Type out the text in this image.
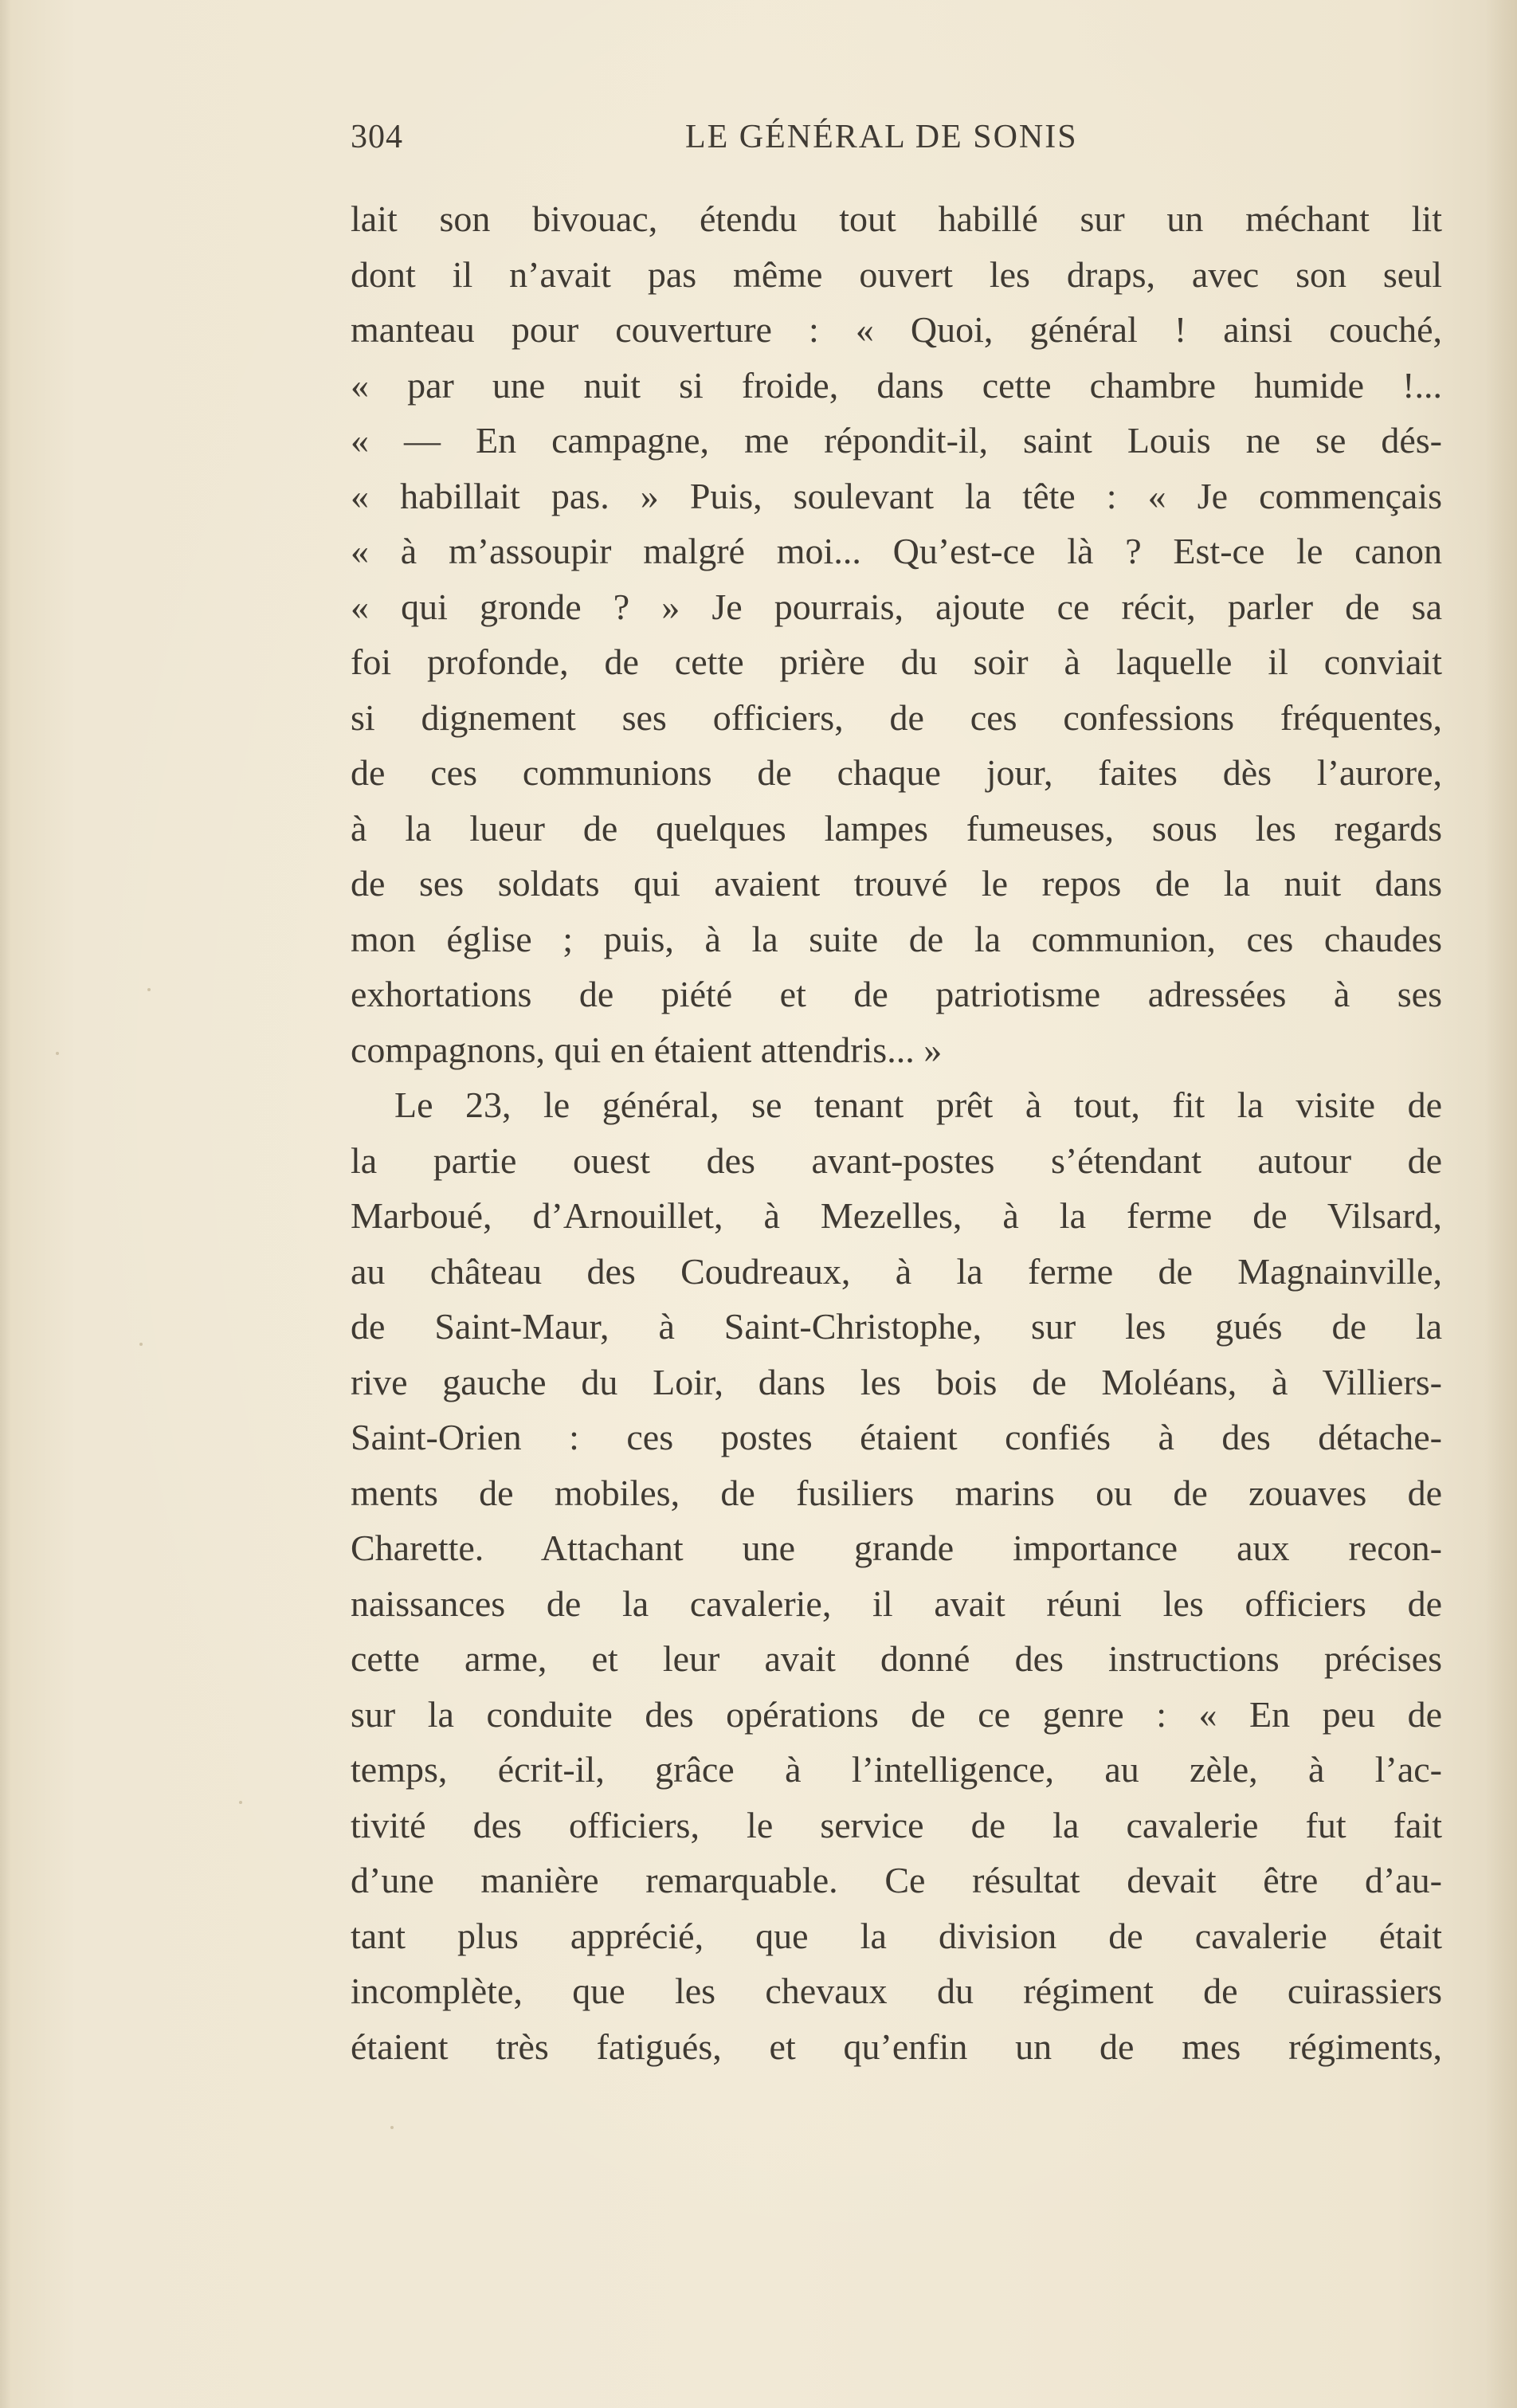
304	LE GÉNÉRAL DE SONIS
lait son bivouac, étendu tout habillé sur un méchant lit
dont il n’avait pas même ouvert les draps, avec son seul
manteau pour couverture : « Quoi, général ! ainsi couché,
« par une nuit si froide, dans cette chambre humide !...
« — En campagne, me répondit-il, saint Louis ne se dés-
« habillait pas. » Puis, soulevant la tête : « Je commençais
« à m’assoupir malgré moi... Qu’est-ce là ? Est-ce le canon
« qui gronde ? » Je pourrais, ajoute ce récit, parler de sa
foi profonde, de cette prière du soir à laquelle il conviait
si dignement ses officiers, de ces confessions fréquentes,
de ces communions de chaque jour, faites dès l’aurore,
à la lueur de quelques lampes fumeuses, sous les regards
de ses soldats qui avaient trouvé le repos de la nuit dans
mon église ; puis, à la suite de la communion, ces chaudes
exhortations de piété et de patriotisme adressées à ses
compagnons, qui en étaient attendris... »
Le 23, le général, se tenant prêt à tout, fit la visite de
la partie ouest des avant-postes s’étendant autour de
Marboué, d’Arnouillet, à Mezelles, à la ferme de Vilsard,
au château des Coudreaux, à la ferme de Magnainville,
de Saint-Maur, à Saint-Christophe, sur les gués de la
rive gauche du Loir, dans les bois de Moléans, à Villiers-
Saint-Orien : ces postes étaient confiés à des détache-
ments de mobiles, de fusiliers marins ou de zouaves de
Charette. Attachant une grande importance aux recon-
naissances de la cavalerie, il avait réuni les officiers de
cette arme, et leur avait donné des instructions précises
sur la conduite des opérations de ce genre : « En peu de
temps, écrit-il, grâce à l’intelligence, au zèle, à l’ac-
tivité des officiers, le service de la cavalerie fut fait
d’une manière remarquable. Ce résultat devait être d’au-
tant plus apprécié, que la division de cavalerie était
incomplète, que les chevaux du régiment de cuirassiers
étaient très fatigués, et qu’enfin un de mes régiments,
